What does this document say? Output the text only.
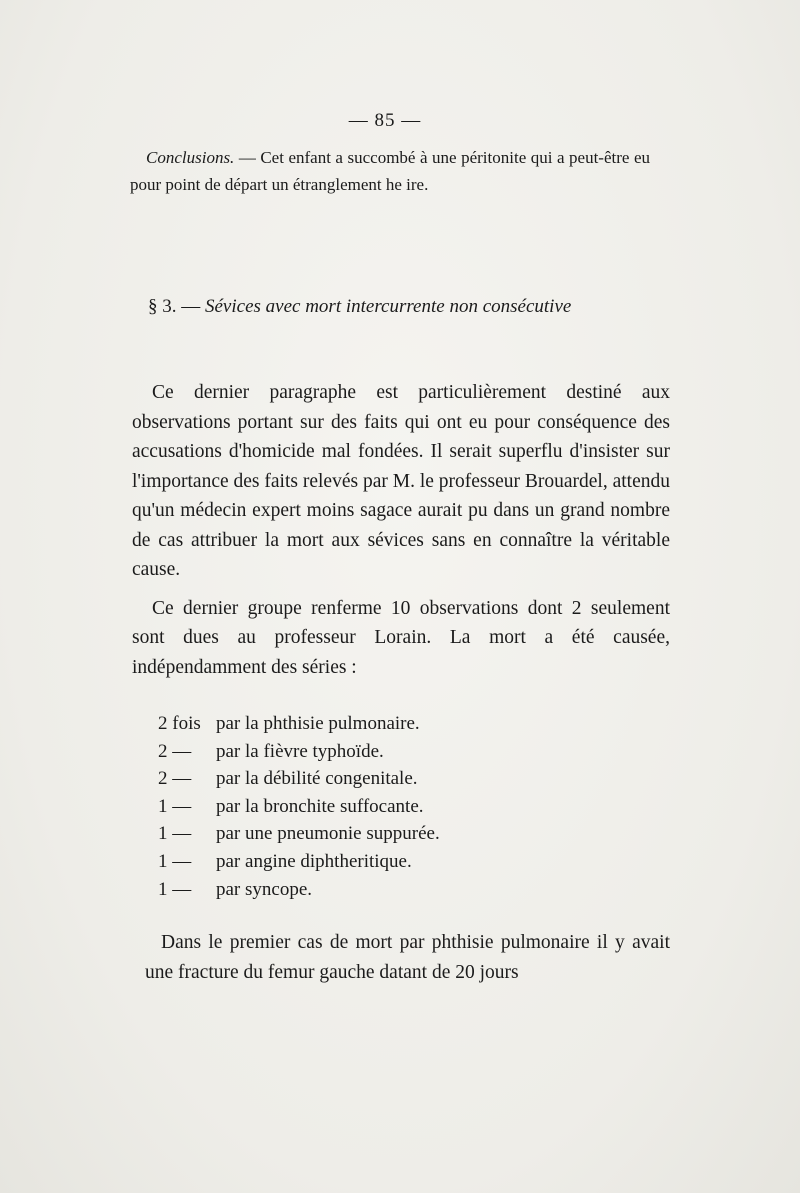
— 85 —
Conclusions. — Cet enfant a succombé à une péritonite qui a peut-être eu pour point de départ un étranglement he ire.
§ 3. — Sévices avec mort intercurrente non consécutive

Ce dernier paragraphe est particulièrement destiné aux observations portant sur des faits qui ont eu pour conséquence des accusations d'homicide mal fondées. Il serait superflu d'insister sur l'importance des faits relevés par M. le professeur Brouardel, attendu qu'un médecin expert moins sagace aurait pu dans un grand nombre de cas attribuer la mort aux sévices sans en connaître la véritable cause.

Ce dernier groupe renferme 10 observations dont 2 seulement sont dues au professeur Lorain. La mort a été causée, indépendamment des séries :

2 fois par la phthisie pulmonaire.
2 —	par la fièvre typhoïde.
2 —	par la débilité congenitale.
1 —	par la bronchite suffocante.
1 —	par une pneumonie suppurée.
1 —	par angine diphtheritique.
1 —	par syncope.
Dans le premier cas de mort par phthisie pulmonaire il y avait une fracture du femur gauche datant de 20 jours
